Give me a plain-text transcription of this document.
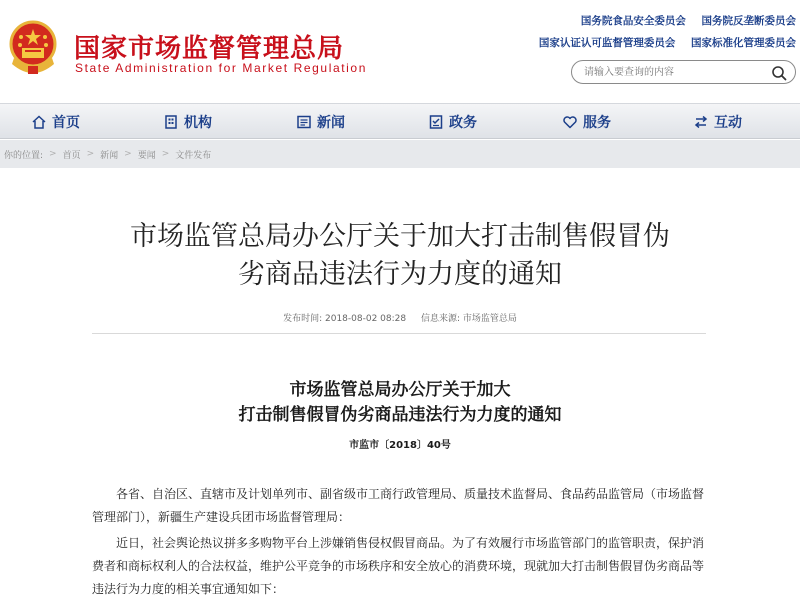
国家市场监督管理总局
State Administration for Market Regulation
国务院食品安全委员会 国务院反垄断委员会
国家认证认可监督管理委员会 国家标准化管理委员会
请输入要查询的内容
首页	机构	新闻	政务	服务	互动
你的位置: > 首页 > 新闻 > 要闻 > 文件发布
市场监管总局办公厅关于加大打击制售假冒伪
劣商品违法行为力度的通知
发布时间: 2018-08-02 08:28 信息来源: 市场监管总局
市场监管总局办公厅关于加大
打击制售假冒伪劣商品违法行为力度的通知
市监市〔2018〕40号

各省、自治区、直辖市及计划单列市、副省级市工商行政管理局、质量技术监督局、食品药品监管局（市场监督管理部门），新疆生产建设兵团市场监督管理局：

近日，社会舆论热议拼多多购物平台上涉嫌销售侵权假冒商品。为了有效履行市场监管部门的监管职责，保护消费者和商标权利人的合法权益，维护公平竞争的市场秩序和安全放心的消费环境，现就加大打击制售假冒伪劣商品等违法行为力度的相关事宜通知如下：
